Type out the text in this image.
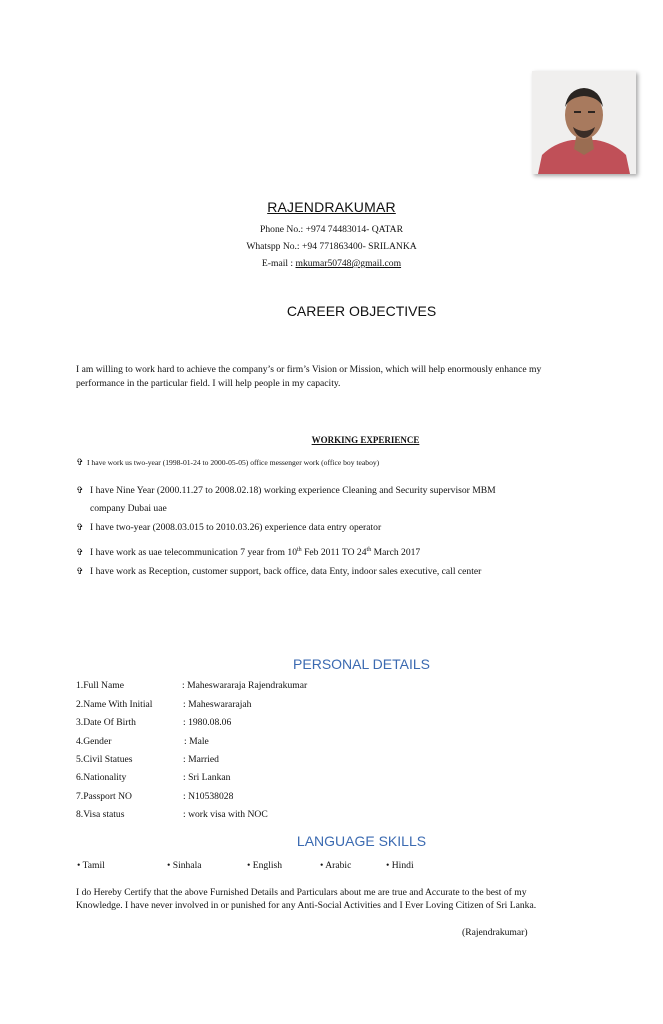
RAJENDRAKUMAR
Phone No.: +974 74483014- QATAR
Whatspp No.: +94 771863400- SRILANKA
E-mail : mkumar50748@gmail.com
CAREER OBJECTIVES
I am willing to work hard to achieve the company’s or firm’s Vision or Mission, which will help enormously enhance my performance in the particular field. I will help people in my capacity.
WORKING EXPERIENCE
✞ I have work us two-year (1998-01-24 to 2000-05-05) office messenger work (office boy teaboy)
✞ I have Nine Year (2000.11.27 to 2008.02.18) working experience Cleaning and Security supervisor MBM
company Dubai uae
✞ I have two-year (2008.03.015 to 2010.03.26) experience data entry operator
✞ I have work as uae telecommunication 7 year from 10th Feb 2011 TO 24th March 2017
✞ I have work as Reception, customer support, back office, data Enty, indoor sales executive, call center
PERSONAL DETAILS
1.Full Name	: Maheswararaja Rajendrakumar
2.Name With Initial	: Maheswararajah
3.Date Of Birth	: 1980.08.06
4.Gender	: Male
5.Civil Statues	: Married
6.Nationality	: Sri Lankan
7.Passport NO	: N10538028
8.Visa status	: work visa with NOC
LANGUAGE SKILLS
• Tamil	• Sinhala	• English	• Arabic	• Hindi
I do Hereby Certify that the above Furnished Details and Particulars about me are true and Accurate to the best of my Knowledge. I have never involved in or punished for any Anti-Social Activities and I Ever Loving Citizen of Sri Lanka.
(Rajendrakumar)
